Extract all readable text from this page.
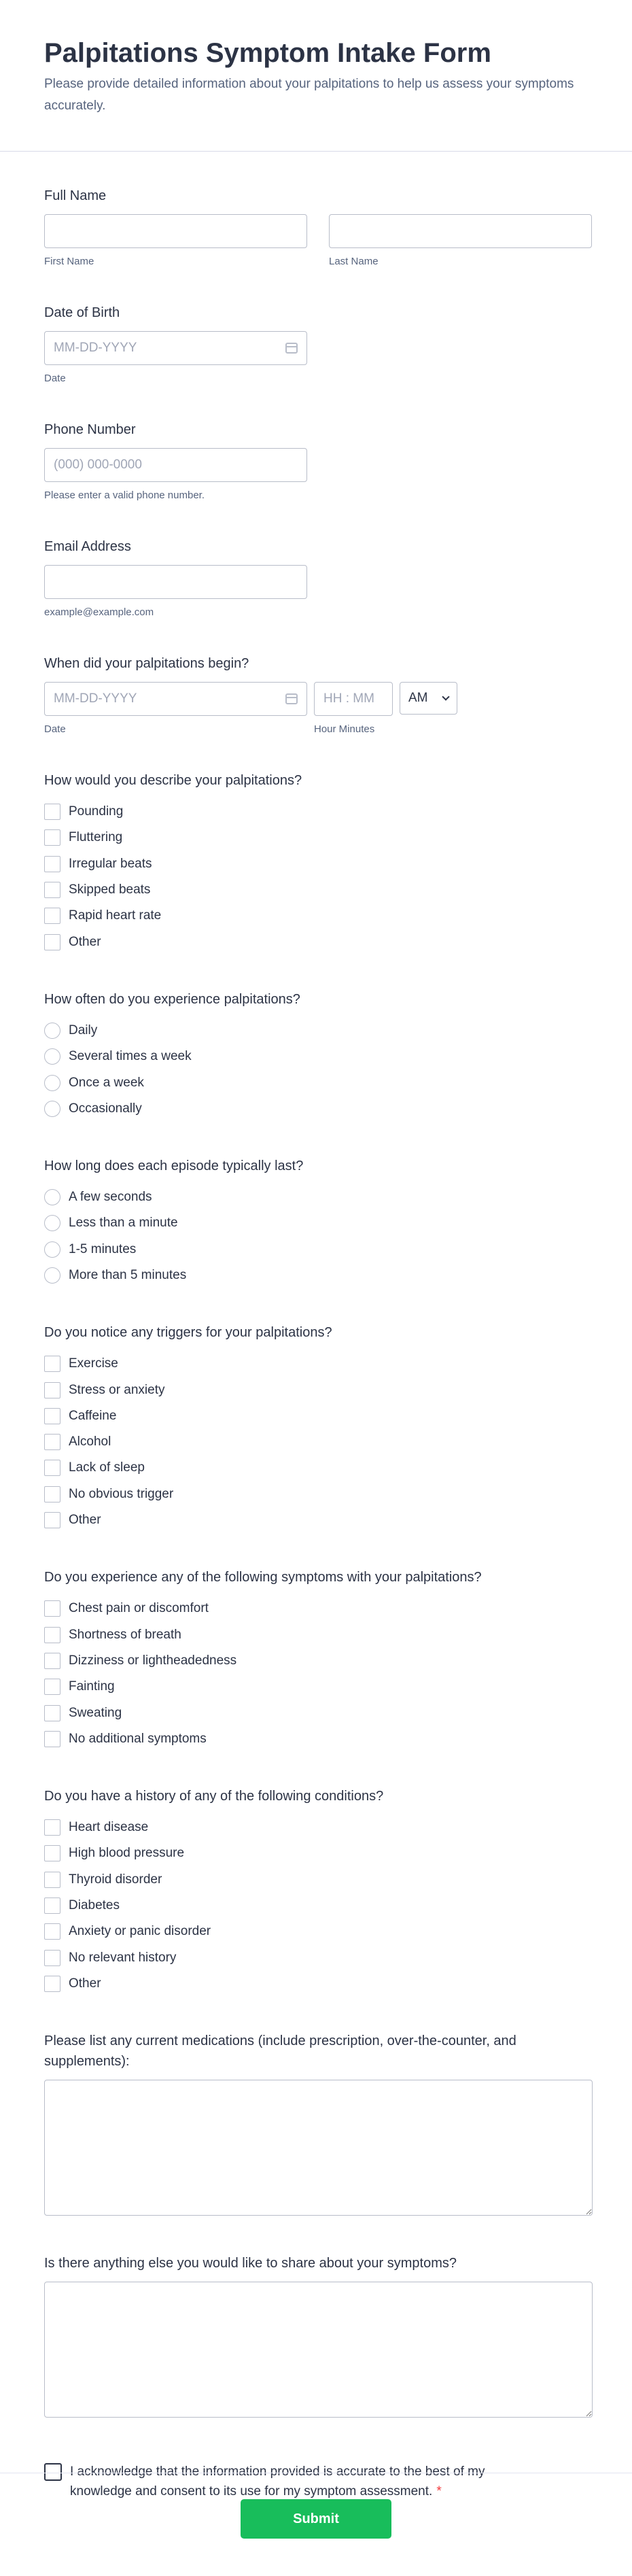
Palpitations Symptom Intake Form
Please provide detailed information about your palpitations to help us assess your symptoms accurately.
Full Name
First Name	Last Name
Date of Birth
MM-DD-YYYY
Date
Phone Number
(000) 000-0000
Please enter a valid phone number.
Email Address
example@example.com
When did your palpitations begin?
MM-DD-YYYY
Date
HH : MM
Hour Minutes
AM
How would you describe your palpitations?
Pounding
Fluttering
Irregular beats
Skipped beats
Rapid heart rate
Other
How often do you experience palpitations?
Daily
Several times a week
Once a week
Occasionally
How long does each episode typically last?
A few seconds
Less than a minute
1-5 minutes
More than 5 minutes
Do you notice any triggers for your palpitations?
Exercise
Stress or anxiety
Caffeine
Alcohol
Lack of sleep
No obvious trigger
Other
Do you experience any of the following symptoms with your palpitations?
Chest pain or discomfort
Shortness of breath
Dizziness or lightheadedness
Fainting
Sweating
No additional symptoms
Do you have a history of any of the following conditions?
Heart disease
High blood pressure
Thyroid disorder
Diabetes
Anxiety or panic disorder
No relevant history
Other
Please list any current medications (include prescription, over-the-counter, and supplements):
Is there anything else you would like to share about your symptoms?
I acknowledge that the information provided is accurate to the best of my knowledge and consent to its use for my symptom assessment. *
Submit
